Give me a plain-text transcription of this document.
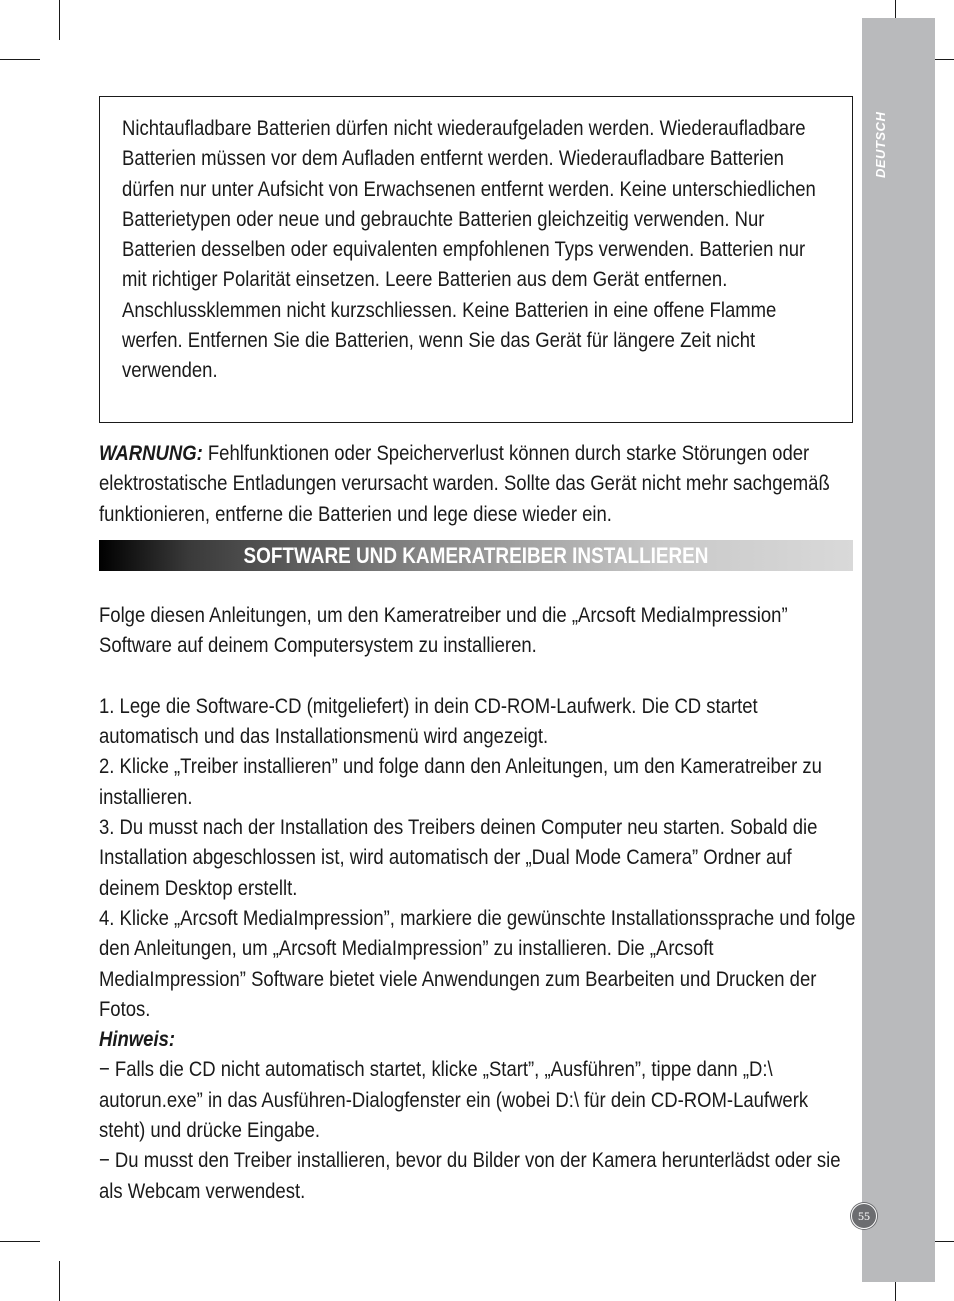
DEUTSCH
Nichtaufladbare Batterien dürfen nicht wiederaufgeladen werden. Wiederaufladbare Batterien müssen vor dem Aufladen entfernt werden. Wiederaufladbare Batterien dürfen nur unter Aufsicht von Erwachsenen entfernt werden. Keine unterschiedlichen Batterietypen oder neue und gebrauchte Batterien gleichzeitig verwenden. Nur Batterien desselben oder equivalenten empfohlenen Typs verwenden. Batterien nur mit richtiger Polarität einsetzen. Leere Batterien aus dem Gerät entfernen. Anschlussklemmen nicht kurzschliessen. Keine Batterien in eine offene Flamme werfen. Entfernen Sie die Batterien, wenn Sie das Gerät für längere Zeit nicht verwenden.
WARNUNG: Fehlfunktionen oder Speicherverlust können durch starke Störungen oder elektrostatische Entladungen verursacht warden. Sollte das Gerät nicht mehr sachgemäß funktionieren, entferne die Batterien und lege diese wieder ein.
SOFTWARE UND KAMERATREIBER INSTALLIEREN

Folge diesen Anleitungen, um den Kameratreiber und die „Arcsoft MediaImpression” Software auf deinem Computersystem zu installieren.

1. Lege die Software-CD (mitgeliefert) in dein CD-ROM-Laufwerk. Die CD startet automatisch und das Installationsmenü wird angezeigt.

2. Klicke „Treiber installieren” und folge dann den Anleitungen, um den Kameratreiber zu installieren.

3. Du musst nach der Installation des Treibers deinen Computer neu starten. Sobald die Installation abgeschlossen ist, wird automatisch der „Dual Mode Camera” Ordner auf deinem Desktop erstellt.

4. Klicke „Arcsoft MediaImpression”, markiere die gewünschte Installationssprache und folge den Anleitungen, um „Arcsoft MediaImpression” zu installieren. Die „Arcsoft MediaImpression” Software bietet viele Anwendungen zum Bearbeiten und Drucken der Fotos.

Hinweis:

− Falls die CD nicht automatisch startet, klicke „Start”, „Ausführen”, tippe dann „D:\ autorun.exe” in das Ausführen-Dialogfenster ein (wobei D:\ für dein CD-ROM-Laufwerk steht) und drücke Eingabe.

− Du musst den Treiber installieren, bevor du Bilder von der Kamera herunterlädst oder sie als Webcam verwendest.

55
